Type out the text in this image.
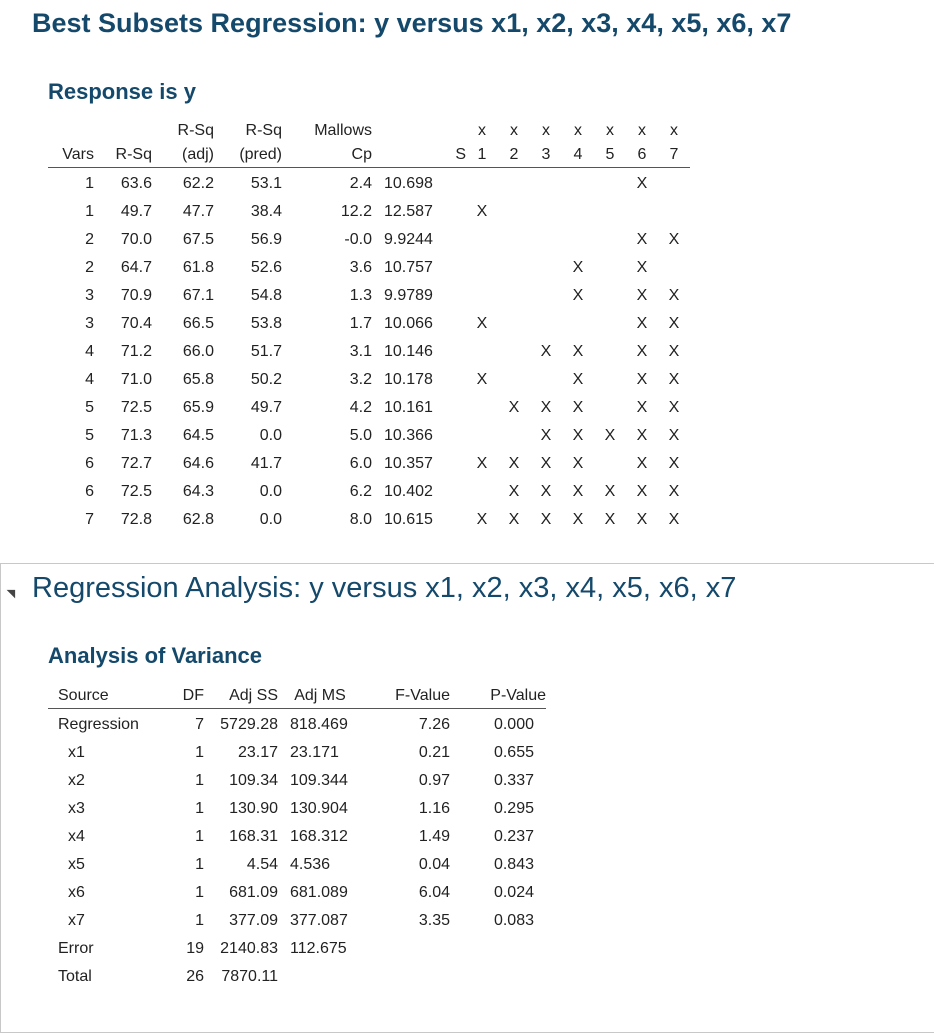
Best Subsets Regression: y versus x1, x2, x3, x4, x5, x6, x7
Response is y
		R-Sq	R-Sq	Mallows		x	x	x	x	x	x	x
Vars	R-Sq	(adj)	(pred)	Cp	S	1	2	3	4	5	6	7
1	63.6	62.2	53.1	2.4	10.698						X	
1	49.7	47.7	38.4	12.2	12.587	X						
2	70.0	67.5	56.9	-0.0	9.9244						X	X
2	64.7	61.8	52.6	3.6	10.757				X		X	
3	70.9	67.1	54.8	1.3	9.9789				X		X	X
3	70.4	66.5	53.8	1.7	10.066	X					X	X
4	71.2	66.0	51.7	3.1	10.146			X	X		X	X
4	71.0	65.8	50.2	3.2	10.178	X			X		X	X
5	72.5	65.9	49.7	4.2	10.161		X	X	X		X	X
5	71.3	64.5	0.0	5.0	10.366			X	X	X	X	X
6	72.7	64.6	41.7	6.0	10.357	X	X	X	X		X	X
6	72.5	64.3	0.0	6.2	10.402		X	X	X	X	X	X
7	72.8	62.8	0.0	8.0	10.615	X	X	X	X	X	X	X
Regression Analysis: y versus x1, x2, x3, x4, x5, x6, x7
Analysis of Variance
Source	DF	Adj SS	Adj MS	F-Value	P-Value
Regression	7	5729.28	818.469	7.26	0.000
x1	1	23.17	23.171	0.21	0.655
x2	1	109.34	109.344	0.97	0.337
x3	1	130.90	130.904	1.16	0.295
x4	1	168.31	168.312	1.49	0.237
x5	1	4.54	4.536	0.04	0.843
x6	1	681.09	681.089	6.04	0.024
x7	1	377.09	377.087	3.35	0.083
Error	19	2140.83	112.675		
Total	26	7870.11			
